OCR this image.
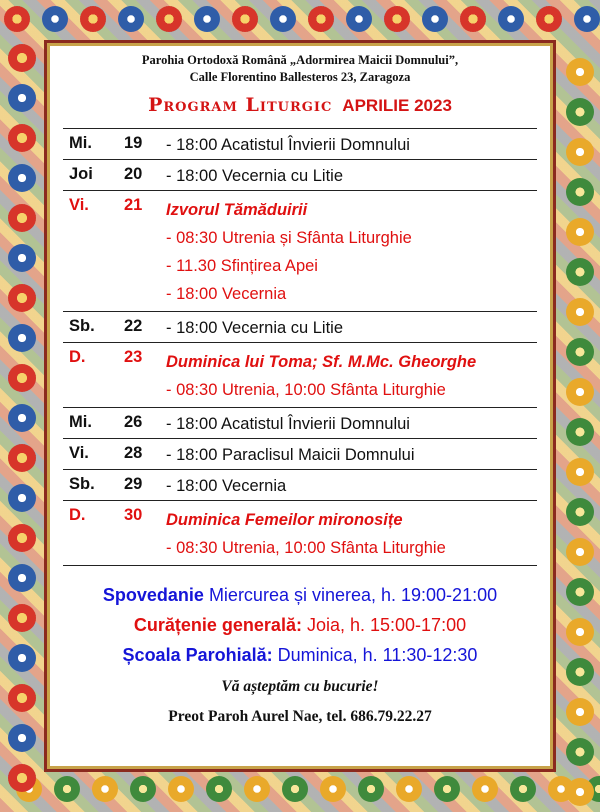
Parohia Ortodoxă Română „Adormirea Maicii Domnului”,
Calle Florentino Ballesteros 23, Zaragoza
Program Liturgic APRILIE 2023
Mi.	19	- 18:00 Acatistul Învierii Domnului

Joi	20	- 18:00 Vecernia cu Litie

Vi.	21	Izvorul Tămăduirii
- 08:30 Utrenia și Sfânta Liturghie
- 11.30 Sfințirea Apei
- 18:00 Vecernia

Sb.	22	- 18:00 Vecernia cu Litie

D.	23	Duminica lui Toma; Sf. M.Mc. Gheorghe
- 08:30 Utrenia, 10:00 Sfânta Liturghie

Mi.	26	- 18:00 Acatistul Învierii Domnului

Vi.	28	- 18:00 Paraclisul Maicii Domnului

Sb.	29	- 18:00 Vecernia

D.	30	Duminica Femeilor mironosițe
- 08:30 Utrenia, 10:00 Sfânta Liturghie
Spovedanie Miercurea și vinerea, h. 19:00-21:00
Curățenie generală: Joia, h. 15:00-17:00
Școala Parohială: Duminica, h. 11:30-12:30
Vă așteptăm cu bucurie!
Preot Paroh Aurel Nae, tel. 686.79.22.27
